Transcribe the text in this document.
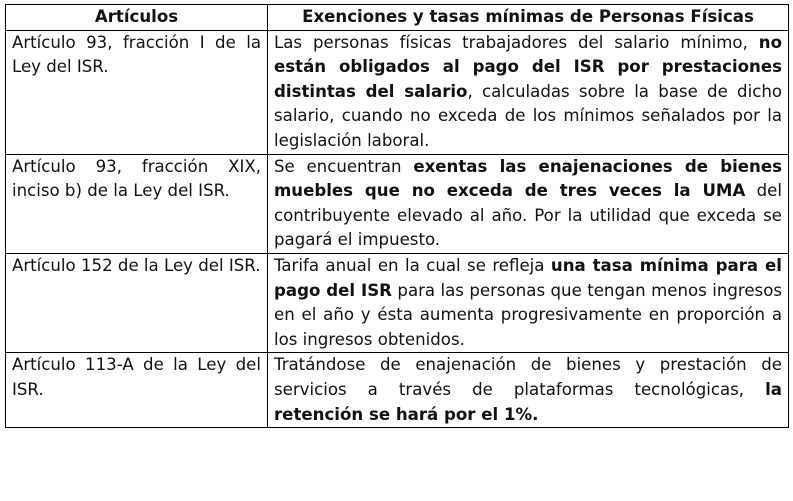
Artículos	Exenciones y tasas mínimas de Personas Físicas
Artículo 93, fracción I de la Ley del ISR.	Las personas físicas trabajadores del salario mínimo, no están obligados al pago del ISR por prestaciones distintas del salario, calculadas sobre la base de dicho salario, cuando no exceda de los mínimos señalados por la legislación laboral.
Artículo 93, fracción XIX, inciso b) de la Ley del ISR.	Se encuentran exentas las enajenaciones de bienes muebles que no exceda de tres veces la UMA del contribuyente elevado al año. Por la utilidad que exceda se pagará el impuesto.
Artículo 152 de la Ley del ISR.	Tarifa anual en la cual se refleja una tasa mínima para el pago del ISR para las personas que tengan menos ingresos en el año y ésta aumenta progresivamente en proporción a los ingresos obtenidos.
Artículo 113-A de la Ley del ISR.	Tratándose de enajenación de bienes y prestación de servicios a través de plataformas tecnológicas, la retención se hará por el 1%.
